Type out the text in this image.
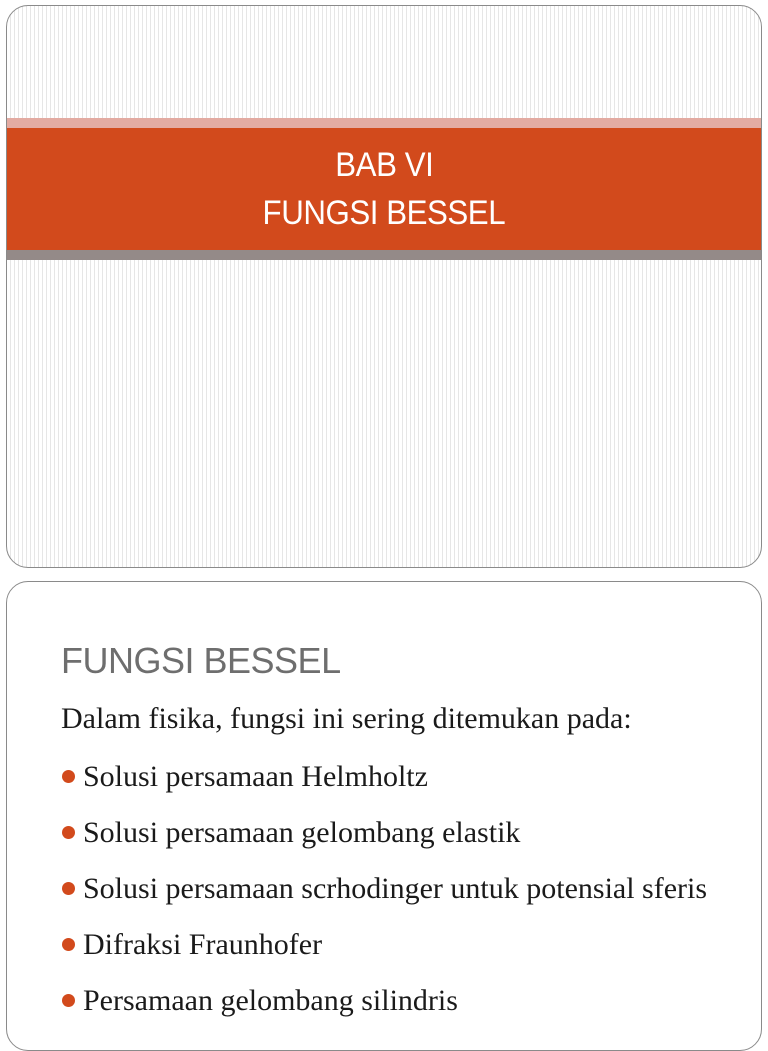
BAB VI
FUNGSI BESSEL
FUNGSI BESSEL

Dalam fisika, fungsi ini sering ditemukan pada:

Solusi persamaan Helmholtz
Solusi persamaan gelombang elastik
Solusi persamaan scrhodinger untuk potensial sferis
Difraksi Fraunhofer
Persamaan gelombang silindris
